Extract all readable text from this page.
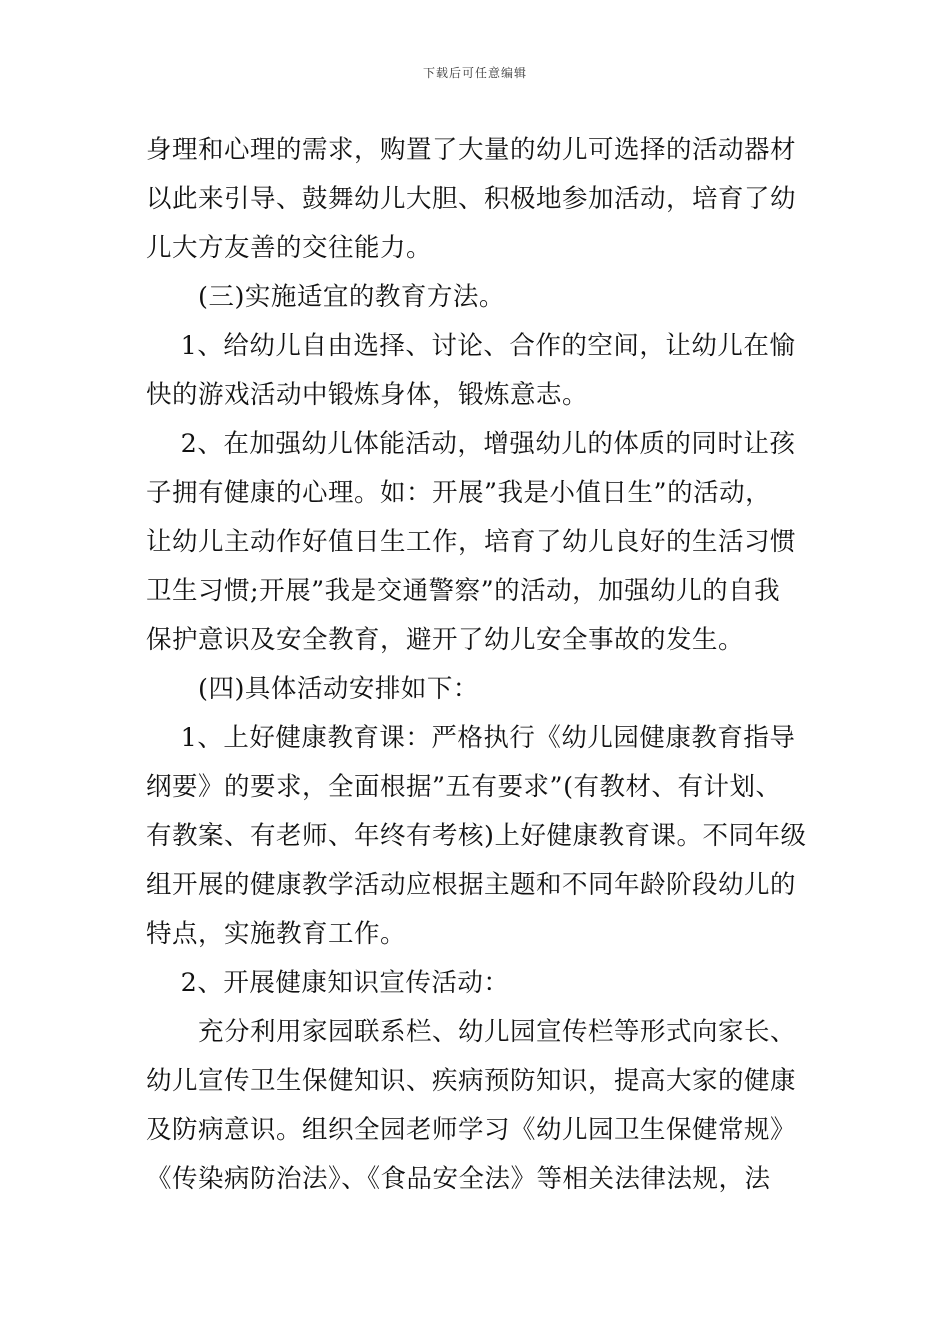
下载后可任意编辑
身理和心理的需求，购置了大量的幼儿可选择的活动器材
以此来引导、鼓舞幼儿大胆、积极地参加活动，培育了幼
儿大方友善的交往能力。
　　(三)实施适宜的教育方法。
　 1、给幼儿自由选择、讨论、合作的空间，让幼儿在愉
快的游戏活动中锻炼身体，锻炼意志。
　 2、在加强幼儿体能活动，增强幼儿的体质的同时让孩
子拥有健康的心理。如：开展”我是小值日生”的活动，
让幼儿主动作好值日生工作，培育了幼儿良好的生活习惯
卫生习惯;开展”我是交通警察”的活动，加强幼儿的自我
保护意识及安全教育，避开了幼儿安全事故的发生。
　　(四)具体活动安排如下：
　 1、上好健康教育课：严格执行《幼儿园健康教育指导
纲要》的要求，全面根据”五有要求”(有教材、有计划、
有教案、有老师、年终有考核)上好健康教育课。不同年级
组开展的健康教学活动应根据主题和不同年龄阶段幼儿的
特点，实施教育工作。
　 2、开展健康知识宣传活动：
　　充分利用家园联系栏、幼儿园宣传栏等形式向家长、
幼儿宣传卫生保健知识、疾病预防知识，提高大家的健康
及防病意识。组织全园老师学习《幼儿园卫生保健常规》
《传染病防治法》、《食品安全法》等相关法律法规，法
